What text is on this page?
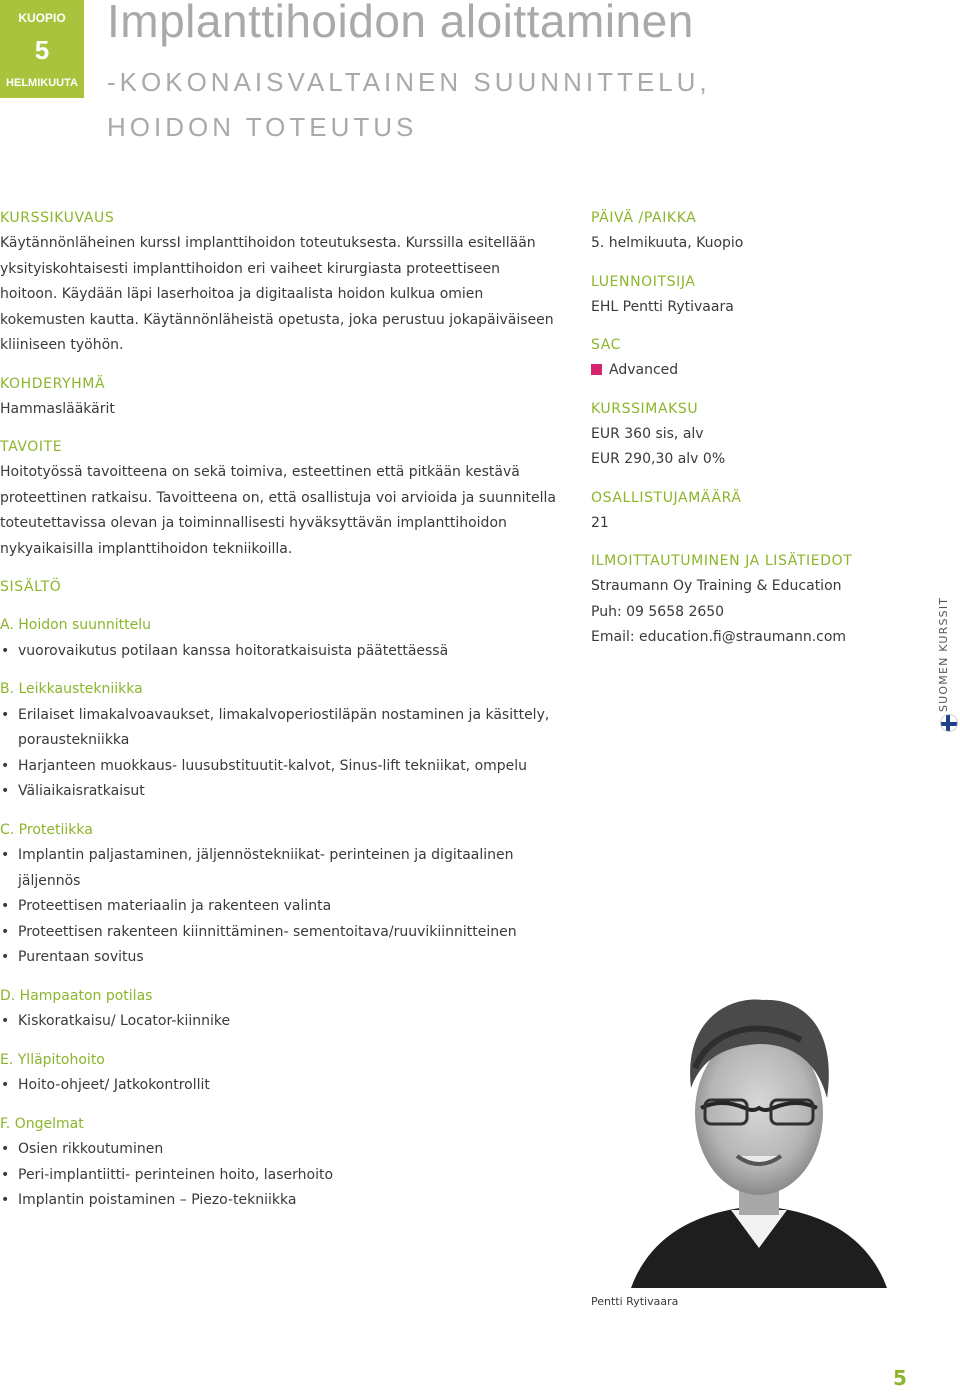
KUOPIO
5
HELMIKUUTA
Implanttihoidon aloittaminen
-KOKONAISVALTAINEN SUUNNITTELU,
HOIDON TOTEUTUS
KURSSIKUVAUS
Käytännönläheinen kurssI implanttihoidon toteutuksesta. Kurssilla esitellään
yksityiskohtaisesti implanttihoidon eri vaiheet kirurgiasta proteettiseen
hoitoon. Käydään läpi laserhoitoa ja digitaalista hoidon kulkua omien
kokemusten kautta. Käytännönläheistä opetusta, joka perustuu jokapäiväiseen
kliiniseen työhön.
KOHDERYHMÄ
Hammaslääkärit
TAVOITE
Hoitotyössä tavoitteena on sekä toimiva, esteettinen että pitkään kestävä
proteettinen ratkaisu. Tavoitteena on, että osallistuja voi arvioida ja suunnitella
toteutettavissa olevan ja toiminnallisesti hyväksyttävän implanttihoidon
nykyaikaisilla implanttihoidon tekniikoilla.
SISÄLTÖ
A. Hoidon suunnittelu
• vuorovaikutus potilaan kanssa hoitoratkaisuista päätettäessä
B. Leikkaustekniikka
• Erilaiset limakalvoavaukset, limakalvoperiostiläpän nostaminen ja käsittely,
poraustekniikka
• Harjanteen muokkaus- luusubstituutit-kalvot, Sinus-lift tekniikat, ompelu
• Väliaikaisratkaisut
C. Protetiikka
• Implantin paljastaminen, jäljennöstekniikat- perinteinen ja digitaalinen
jäljennös
• Proteettisen materiaalin ja rakenteen valinta
• Proteettisen rakenteen kiinnittäminen- sementoitava/ruuvikiinnitteinen
• Purentaan sovitus
D. Hampaaton potilas
• Kiskoratkaisu/ Locator-kiinnike
E. Ylläpitohoito
• Hoito-ohjeet/ Jatkokontrollit
F. Ongelmat
• Osien rikkoutuminen
• Peri-implantiitti- perinteinen hoito, laserhoito
• Implantin poistaminen – Piezo-tekniikka
PÄIVÄ /PAIKKA
5. helmikuuta, Kuopio
LUENNOITSIJA
EHL Pentti Rytivaara
SAC
Advanced
KURSSIMAKSU
EUR 360 sis, alv
EUR 290,30 alv 0%
OSALLISTUJAMÄÄRÄ
21
ILMOITTAUTUMINEN JA LISÄTIEDOT
Straumann Oy Training & Education
Puh: 09 5658 2650
Email: education.fi@straumann.com	SUOMEN KURSSIT
Pentti Rytivaara
5
